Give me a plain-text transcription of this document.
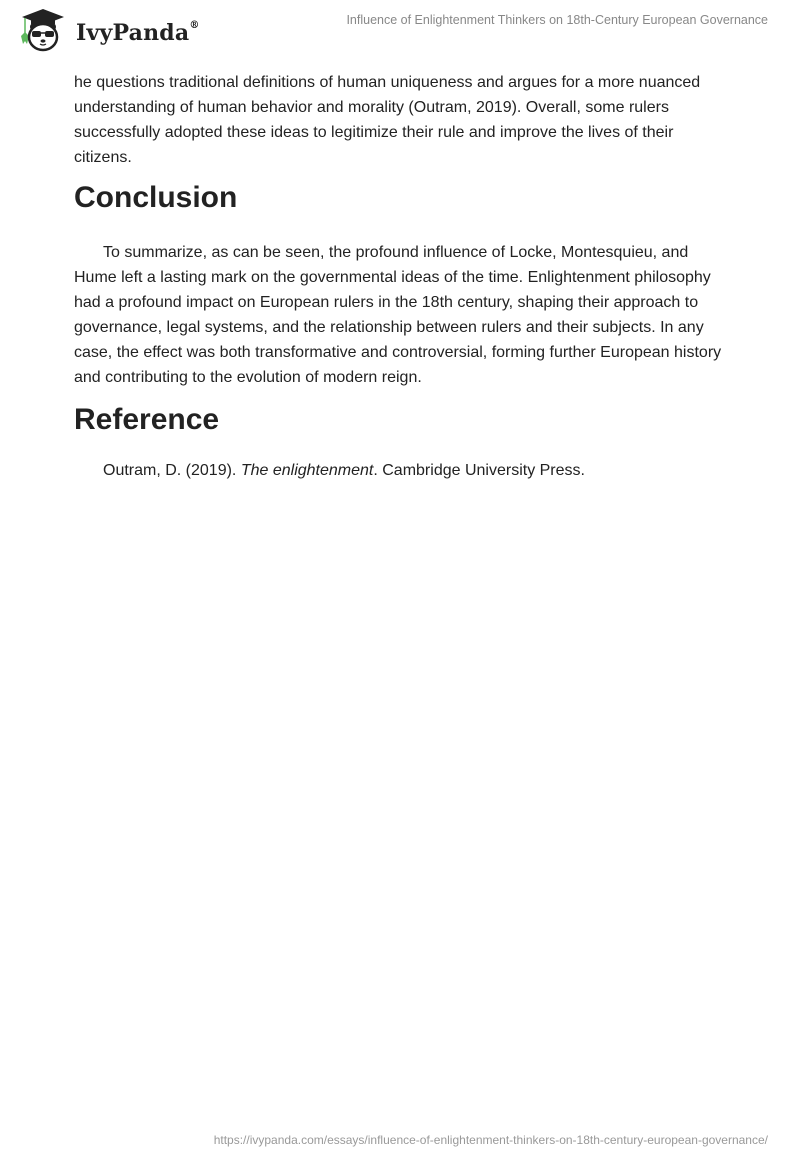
IvyPanda®	Influence of Enlightenment Thinkers on 18th-Century European Governance

he questions traditional definitions of human uniqueness and argues for a more nuanced understanding of human behavior and morality (Outram, 2019). Overall, some rulers successfully adopted these ideas to legitimize their rule and improve the lives of their citizens.

Conclusion

To summarize, as can be seen, the profound influence of Locke, Montesquieu, and Hume left a lasting mark on the governmental ideas of the time. Enlightenment philosophy had a profound impact on European rulers in the 18th century, shaping their approach to governance, legal systems, and the relationship between rulers and their subjects. In any case, the effect was both transformative and controversial, forming further European history and contributing to the evolution of modern reign.

Reference

Outram, D. (2019). The enlightenment. Cambridge University Press.

https://ivypanda.com/essays/influence-of-enlightenment-thinkers-on-18th-century-european-governance/
